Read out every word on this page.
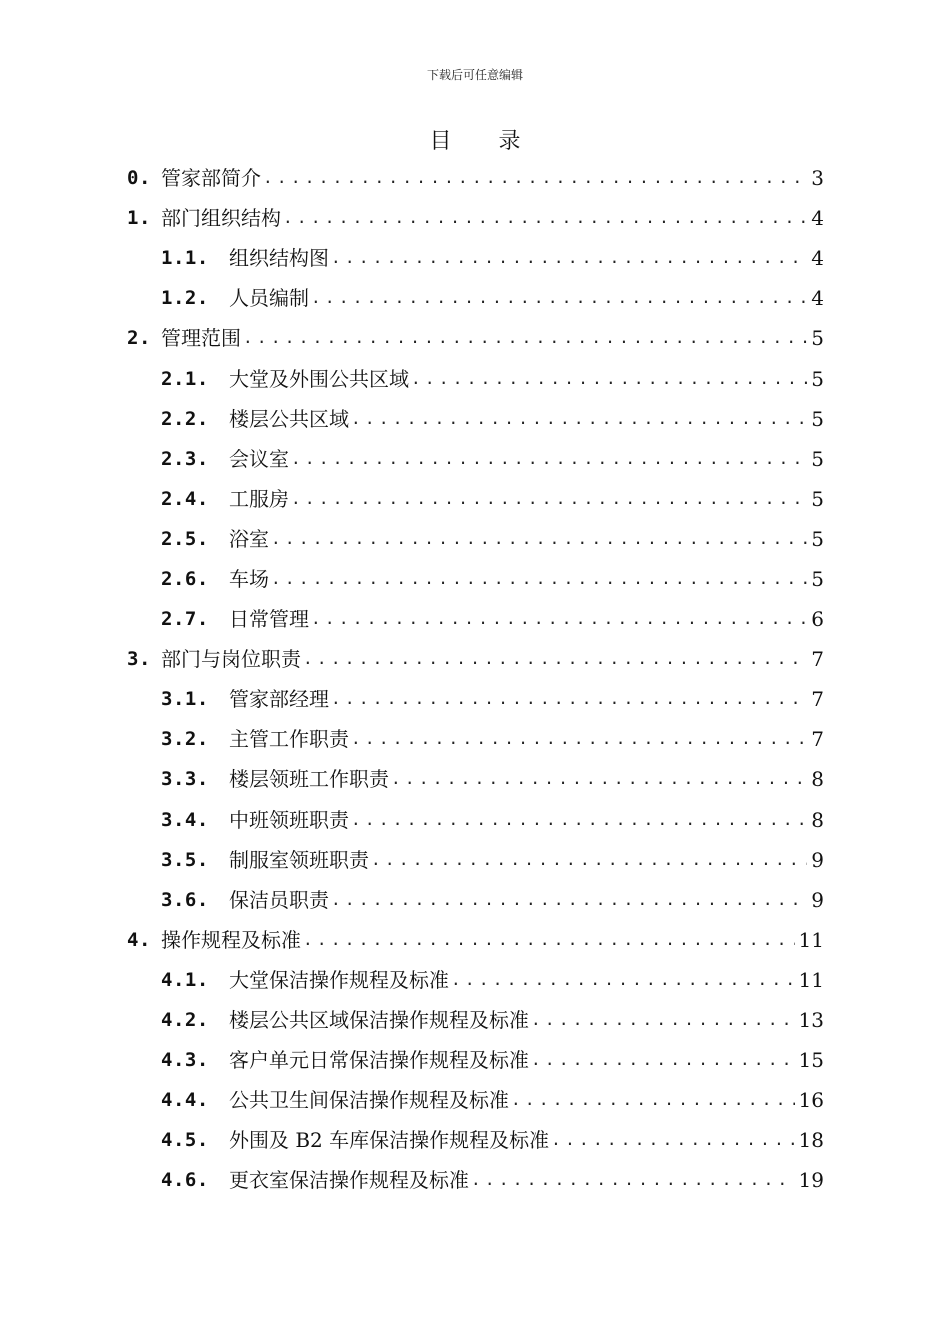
下载后可任意编辑
目 录
0. 管家部简介 .....	3
1. 部门组织结构 .....	4
1.1.	组织结构图 .....	4
1.2.	人员编制 .....	4
2. 管理范围 .....	5
2.1.	大堂及外围公共区域 .....	5
2.2.	楼层公共区域 .....	5
2.3.	会议室 .....	5
2.4.	工服房 .....	5
2.5.	浴室 .....	5
2.6.	车场 .....	5
2.7.	日常管理 .....	6
3. 部门与岗位职责 .....	7
3.1.	管家部经理 .....	7
3.2.	主管工作职责 .....	7
3.3.	楼层领班工作职责 .....	8
3.4.	中班领班职责 .....	8
3.5.	制服室领班职责 .....	9
3.6.	保洁员职责 .....	9
4. 操作规程及标准 .....	11
4.1.	大堂保洁操作规程及标准 .....	11
4.2.	楼层公共区域保洁操作规程及标准 .....	13
4.3.	客户单元日常保洁操作规程及标准 .....	15
4.4.	公共卫生间保洁操作规程及标准 .....	16
4.5.	外围及 B2 车库保洁操作规程及标准 .....	18
4.6.	更衣室保洁操作规程及标准 .....	19
